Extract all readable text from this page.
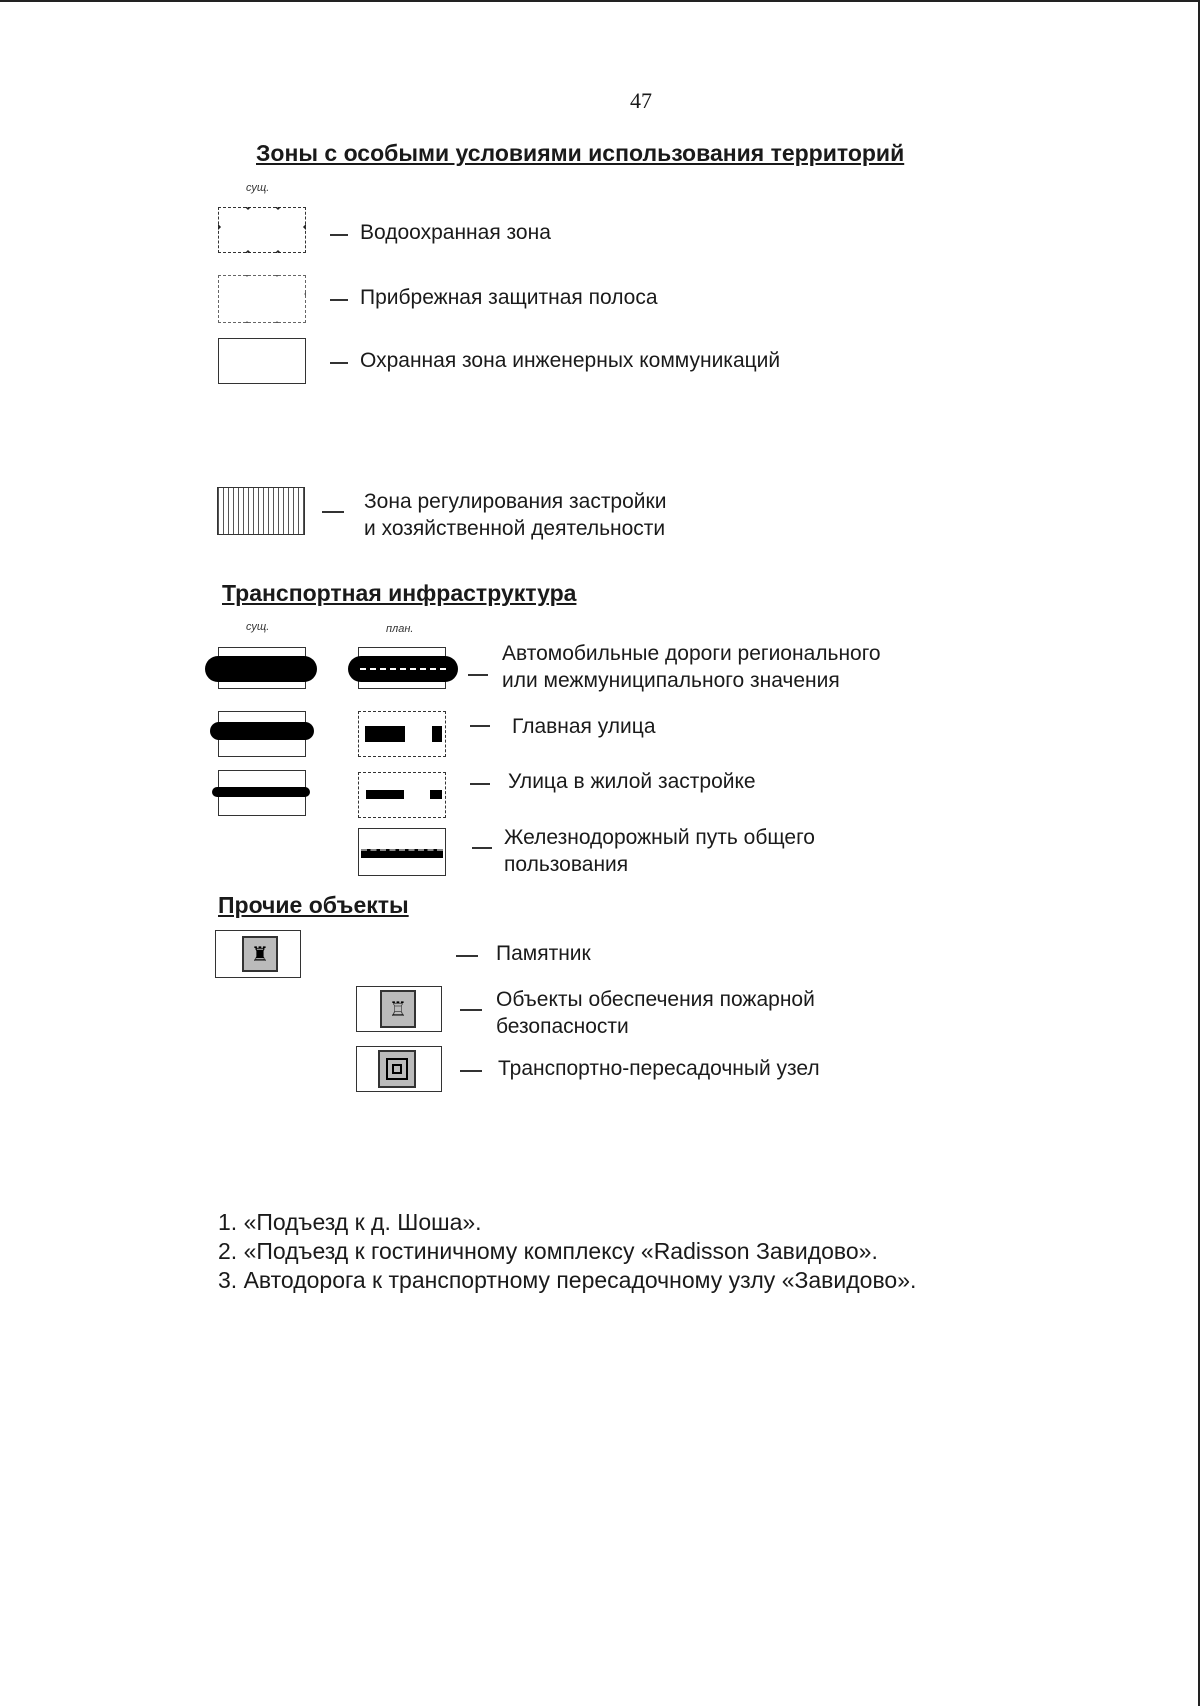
47
Зоны с особыми условиями использования территорий
сущ.
Водоохранная зона
Прибрежная защитная полоса
Охранная зона инженерных коммуникаций
Зона регулирования застройки
и хозяйственной деятельности
Транспортная инфраструктура
сущ.	план.
Автомобильные дороги регионального
или межмуниципального значения
Главная улица
Улица в жилой застройке
Железнодорожный путь общего
пользования
Прочие объекты
♜	Памятник
♖	Объекты обеспечения пожарной
безопасности
Транспортно-пересадочный узел
1. «Подъезд к д. Шоша».
2. «Подъезд к гостиничному комплексу «Radisson Завидово».
3. Автодорога к транспортному пересадочному узлу «Завидово».
